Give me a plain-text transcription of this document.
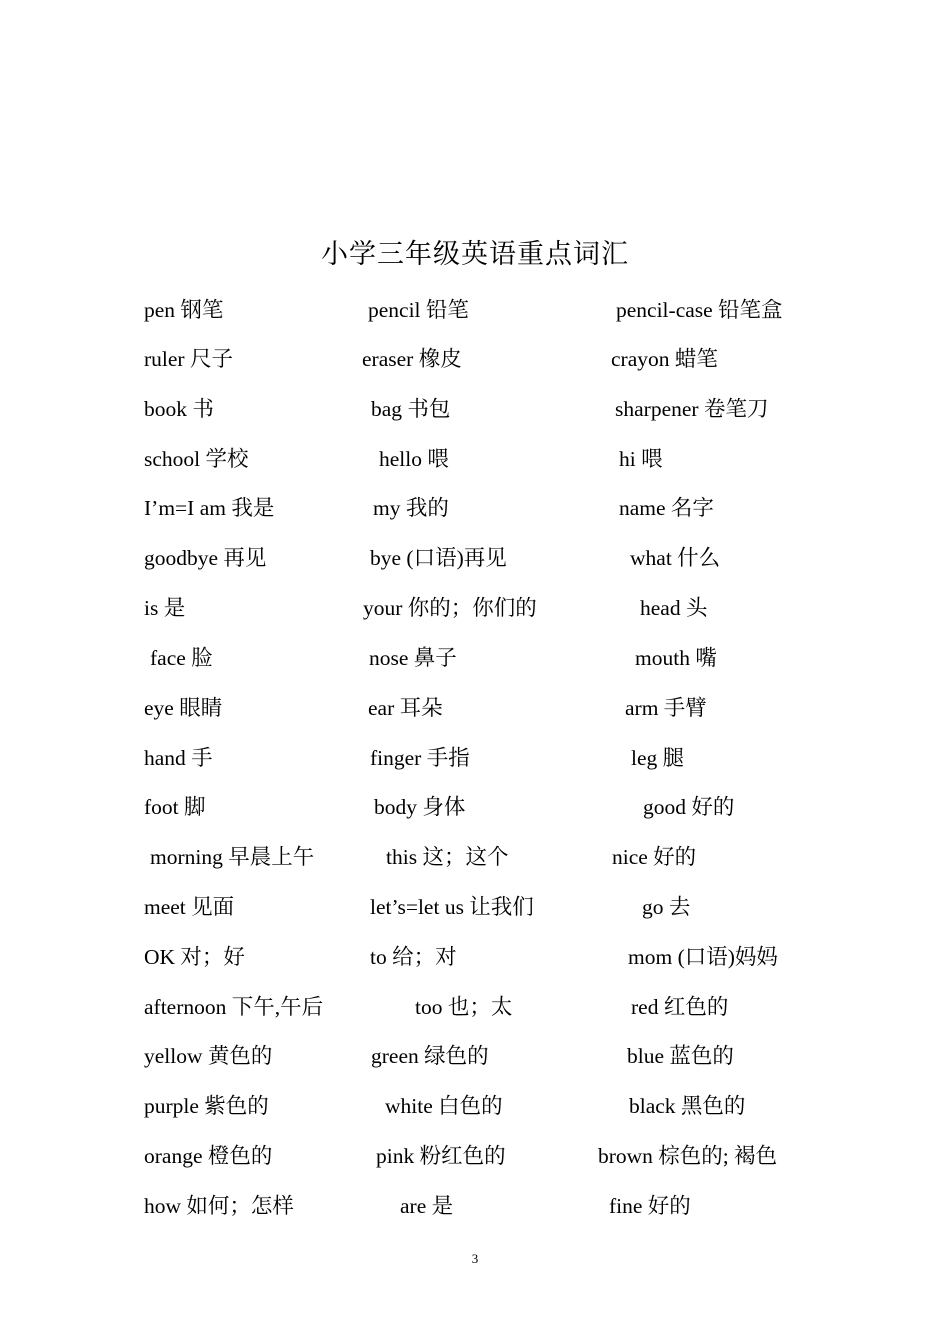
小学三年级英语重点词汇
pen 钢笔	pencil 铅笔	pencil-case 铅笔盒
ruler 尺子	eraser 橡皮	crayon 蜡笔
book 书	bag 书包	sharpener 卷笔刀
school 学校	hello 喂	hi 喂
I’m=I am 我是	my 我的	name 名字
goodbye 再见	bye (口语)再见	what 什么
is 是	your 你的；你们的	head 头
face 脸	nose 鼻子	mouth 嘴
eye 眼睛	ear 耳朵	arm 手臂
hand 手	finger 手指	leg 腿
foot 脚	body 身体	good 好的
morning 早晨上午	this 这；这个	nice 好的
meet 见面	let’s=let us 让我们	go 去
OK 对；好	to 给；对	mom (口语)妈妈
afternoon 下午,午后	too 也；太	red 红色的
yellow 黄色的	green 绿色的	blue 蓝色的
purple 紫色的	white 白色的	black 黑色的
orange 橙色的	pink 粉红色的	brown 棕色的; 褐色
how 如何；怎样	are 是	fine 好的
3
